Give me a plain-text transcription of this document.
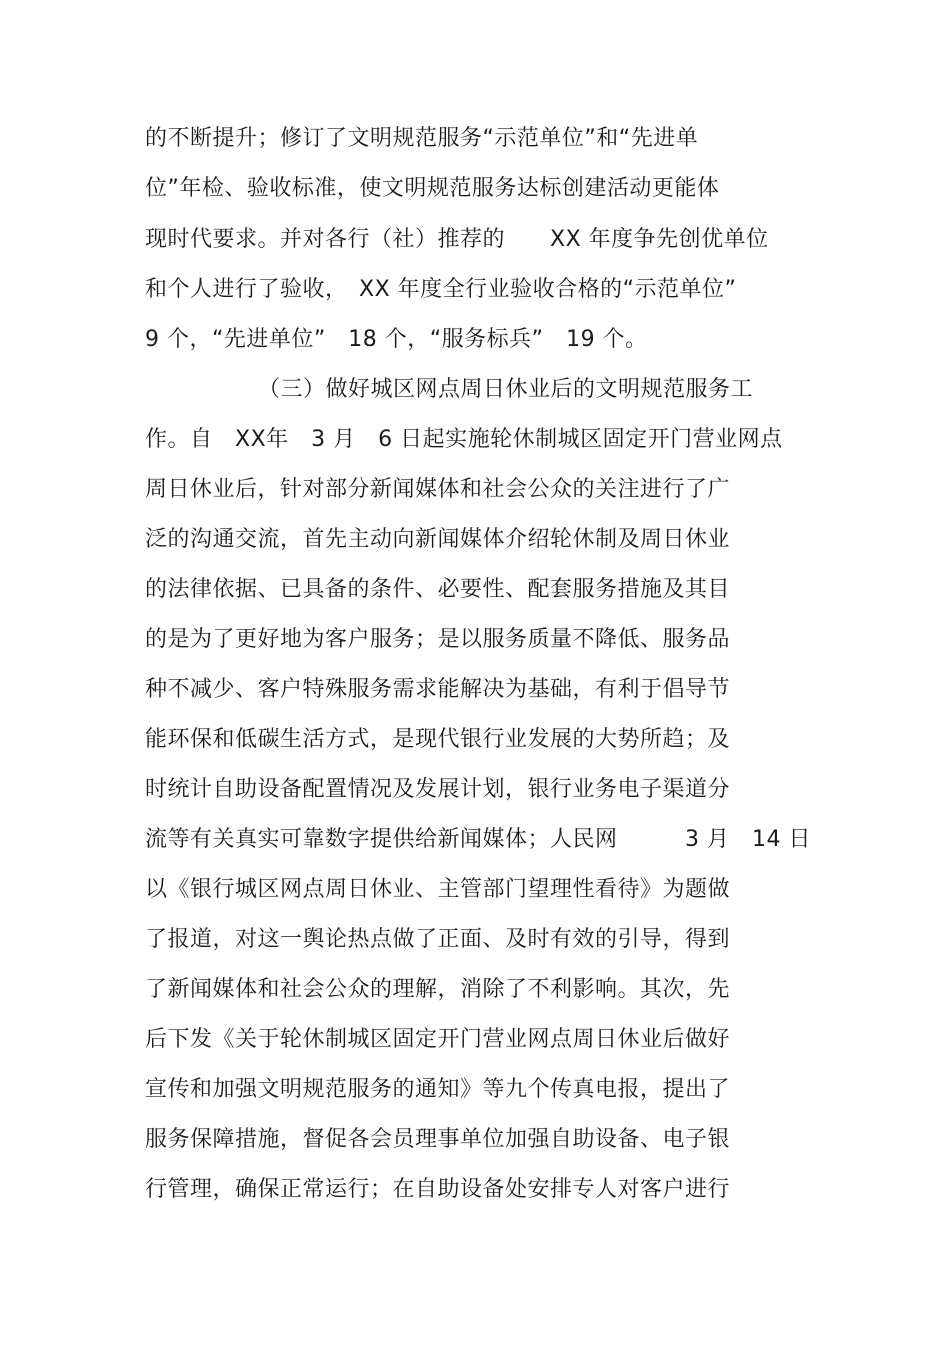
的不断提升；修订了文明规范服务“示范单位”和“先进单
位”年检、验收标准，使文明规范服务达标创建活动更能体
现时代要求。并对各行（社）推荐的　　XX 年度争先创优单位
和个人进行了验收，　XX 年度全行业验收合格的“示范单位”
9 个，“先进单位”　18 个，“服务标兵”　19 个。
（三）做好城区网点周日休业后的文明规范服务工
作。自　XX年　3 月　6 日起实施轮休制城区固定开门营业网点
周日休业后，针对部分新闻媒体和社会公众的关注进行了广
泛的沟通交流，首先主动向新闻媒体介绍轮休制及周日休业
的法律依据、已具备的条件、必要性、配套服务措施及其目
的是为了更好地为客户服务；是以服务质量不降低、服务品
种不减少、客户特殊服务需求能解决为基础，有利于倡导节
能环保和低碳生活方式，是现代银行业发展的大势所趋；及
时统计自助设备配置情况及发展计划，银行业务电子渠道分
流等有关真实可靠数字提供给新闻媒体；人民网　　　3 月　14 日
以《银行城区网点周日休业、主管部门望理性看待》为题做
了报道，对这一舆论热点做了正面、及时有效的引导，得到
了新闻媒体和社会公众的理解，消除了不利影响。其次，先
后下发《关于轮休制城区固定开门营业网点周日休业后做好
宣传和加强文明规范服务的通知》等九个传真电报，提出了
服务保障措施，督促各会员理事单位加强自助设备、电子银
行管理，确保正常运行；在自助设备处安排专人对客户进行
